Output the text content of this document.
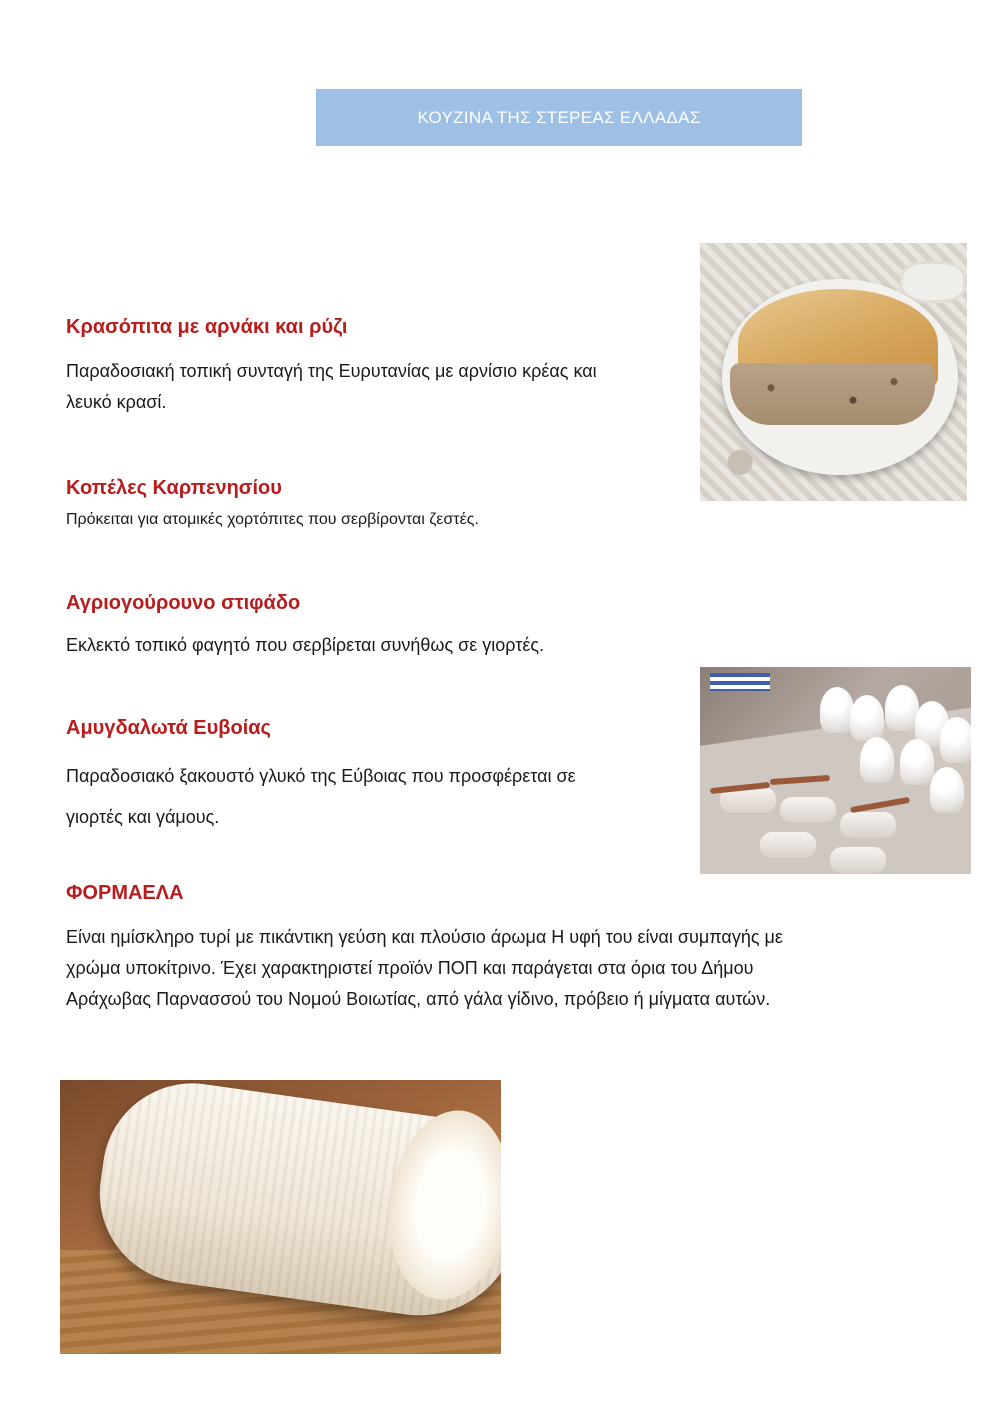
ΚΟΥΖΙΝΑ ΤΗΣ ΣΤΕΡΕΑΣ ΕΛΛΑΔΑΣ
Κρασόπιτα με αρνάκι και ρύζι
Παραδοσιακή τοπική συνταγή της Ευρυτανίας με αρνίσιο κρέας και
λευκό κρασί.
Κοπέλες Καρπενησίου
Πρόκειται για ατομικές χορτόπιτες που σερβίρονται ζεστές.
Αγριογούρουνο στιφάδο
Εκλεκτό τοπικό φαγητό που σερβίρεται συνήθως σε γιορτές.
Αμυγδαλωτά Ευβοίας
Παραδοσιακό ξακουστό γλυκό της Εύβοιας που προσφέρεται σε
γιορτές και γάμους.
ΦΟΡΜΑΕΛΑ
Είναι ημίσκληρο τυρί με πικάντικη γεύση και πλούσιο άρωμα Η υφή του είναι συμπαγής με
χρώμα υποκίτρινο. Έχει χαρακτηριστεί προϊόν ΠΟΠ και παράγεται στα όρια του Δήμου
Αράχωβας Παρνασσού του Νομού Βοιωτίας, από γάλα γίδινο, πρόβειο ή μίγματα αυτών.
